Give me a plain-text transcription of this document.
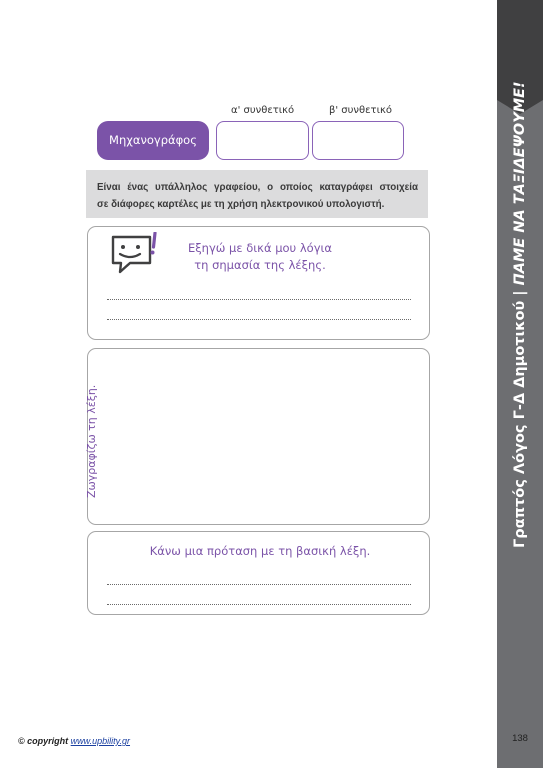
Γραπτός Λόγος Γ-Δ Δημοτικού | ΠΑΜΕ ΝΑ ΤΑΞΙΔΕΨΟΥΜΕ!
α' συνθετικό	β' συνθετικό
Μηχανογράφος
Είναι ένας υπάλληλος γραφείου, ο οποίος καταγράφει στοιχεία
σε διάφορες καρτέλες με τη χρήση ηλεκτρονικού υπολογιστή.
Εξηγώ με δικά μου λόγια
τη σημασία της λέξης.
Ζωγραφίζω τη λέξη.
Κάνω μια πρόταση με τη βασική λέξη.
© copyright www.upbility.gr	138
